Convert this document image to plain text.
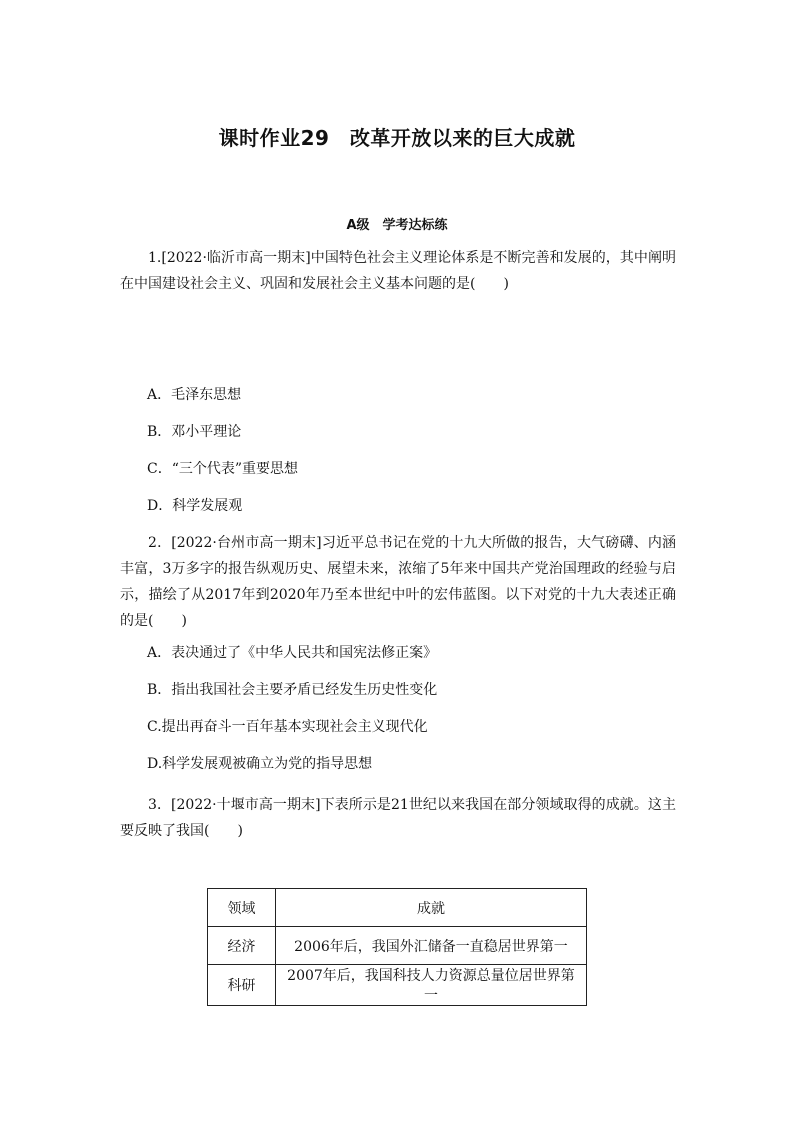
课时作业29　改革开放以来的巨大成就
A级　学考达标练
1.[2022·临沂市高一期末]中国特色社会主义理论体系是不断完善和发展的，其中阐明在中国建设社会主义、巩固和发展社会主义基本问题的是(　　)
A．毛泽东思想
B．邓小平理论
C．“三个代表”重要思想
D．科学发展观
2．[2022·台州市高一期末]习近平总书记在党的十九大所做的报告，大气磅礴、内涵丰富，3万多字的报告纵观历史、展望未来，浓缩了5年来中国共产党治国理政的经验与启示，描绘了从2017年到2020年乃至本世纪中叶的宏伟蓝图。以下对党的十九大表述正确的是(　　)
A．表决通过了《中华人民共和国宪法修正案》
B．指出我国社会主要矛盾已经发生历史性变化
C.提出再奋斗一百年基本实现社会主义现代化
D.科学发展观被确立为党的指导思想
3．[2022·十堰市高一期末]下表所示是21世纪以来我国在部分领域取得的成就。这主要反映了我国(　　)
领域	成就
经济	2006年后，我国外汇储备一直稳居世界第一
科研	2007年后，我国科技人力资源总量位居世界第一
